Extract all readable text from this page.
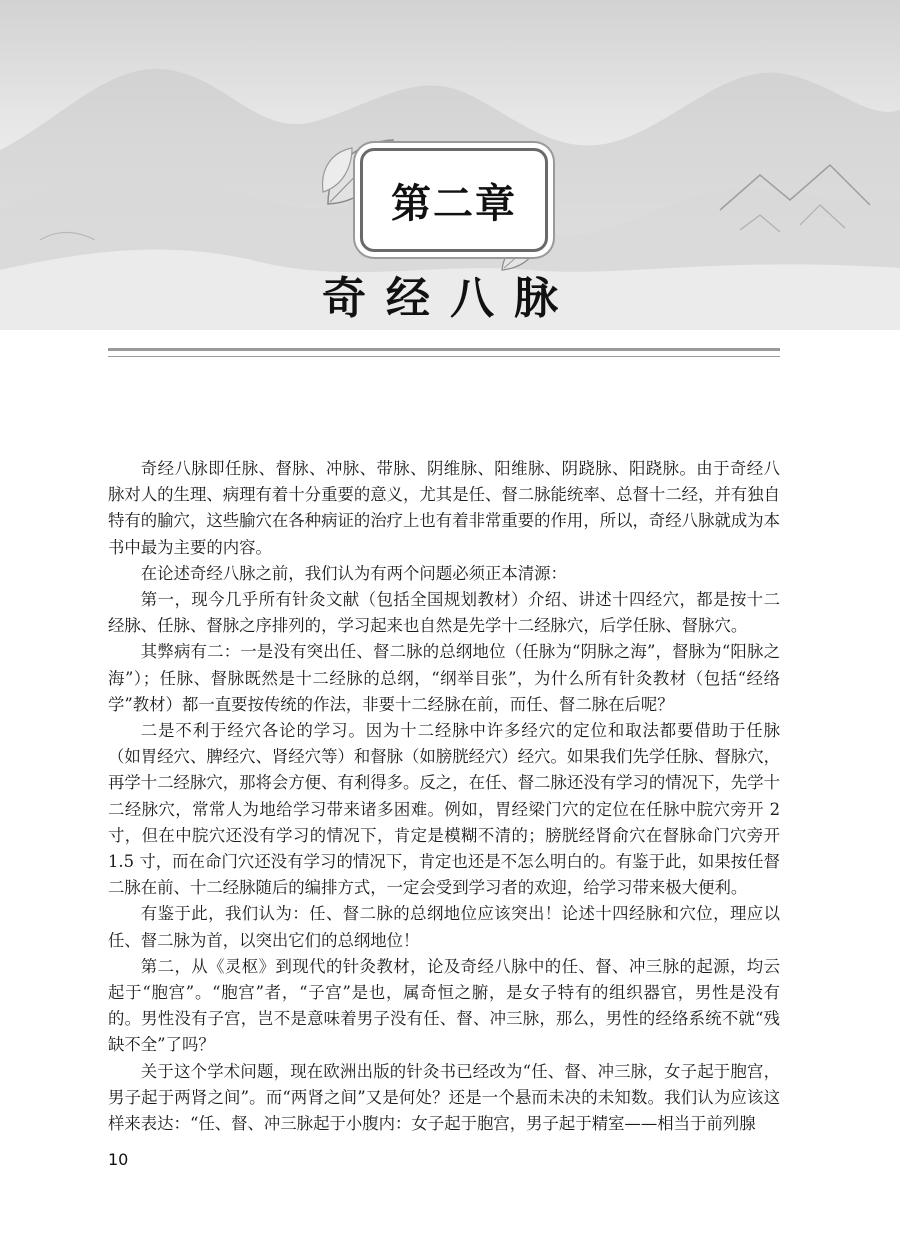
第二章
奇经八脉

奇经八脉即任脉、督脉、冲脉、带脉、阴维脉、阳维脉、阴跷脉、阳跷脉。由于奇经八脉对人的生理、病理有着十分重要的意义，尤其是任、督二脉能统率、总督十二经，并有独自特有的腧穴，这些腧穴在各种病证的治疗上也有着非常重要的作用，所以，奇经八脉就成为本书中最为主要的内容。

在论述奇经八脉之前，我们认为有两个问题必须正本清源：

第一，现今几乎所有针灸文献（包括全国规划教材）介绍、讲述十四经穴，都是按十二经脉、任脉、督脉之序排列的，学习起来也自然是先学十二经脉穴，后学任脉、督脉穴。

其弊病有二：一是没有突出任、督二脉的总纲地位（任脉为“阴脉之海”，督脉为“阳脉之海”）；任脉、督脉既然是十二经脉的总纲，“纲举目张”，为什么所有针灸教材（包括“经络学”教材）都一直要按传统的作法，非要十二经脉在前，而任、督二脉在后呢？

二是不利于经穴各论的学习。因为十二经脉中许多经穴的定位和取法都要借助于任脉（如胃经穴、脾经穴、肾经穴等）和督脉（如膀胱经穴）经穴。如果我们先学任脉、督脉穴，再学十二经脉穴，那将会方便、有利得多。反之，在任、督二脉还没有学习的情况下，先学十二经脉穴，常常人为地给学习带来诸多困难。例如，胃经梁门穴的定位在任脉中脘穴旁开 2 寸，但在中脘穴还没有学习的情况下，肯定是模糊不清的；膀胱经肾俞穴在督脉命门穴旁开 1.5 寸，而在命门穴还没有学习的情况下，肯定也还是不怎么明白的。有鉴于此，如果按任督二脉在前、十二经脉随后的编排方式，一定会受到学习者的欢迎，给学习带来极大便利。

有鉴于此，我们认为：任、督二脉的总纲地位应该突出！论述十四经脉和穴位，理应以任、督二脉为首，以突出它们的总纲地位！

第二，从《灵枢》到现代的针灸教材，论及奇经八脉中的任、督、冲三脉的起源，均云起于“胞宫”。“胞宫”者，“子宫”是也，属奇恒之腑，是女子特有的组织器官，男性是没有的。男性没有子宫，岂不是意味着男子没有任、督、冲三脉，那么，男性的经络系统不就“残缺不全”了吗？

关于这个学术问题，现在欧洲出版的针灸书已经改为“任、督、冲三脉，女子起于胞宫，男子起于两肾之间”。而“两肾之间”又是何处？还是一个悬而未决的未知数。我们认为应该这样来表达：“任、督、冲三脉起于小腹内：女子起于胞宫，男子起于精室——相当于前列腺

10
